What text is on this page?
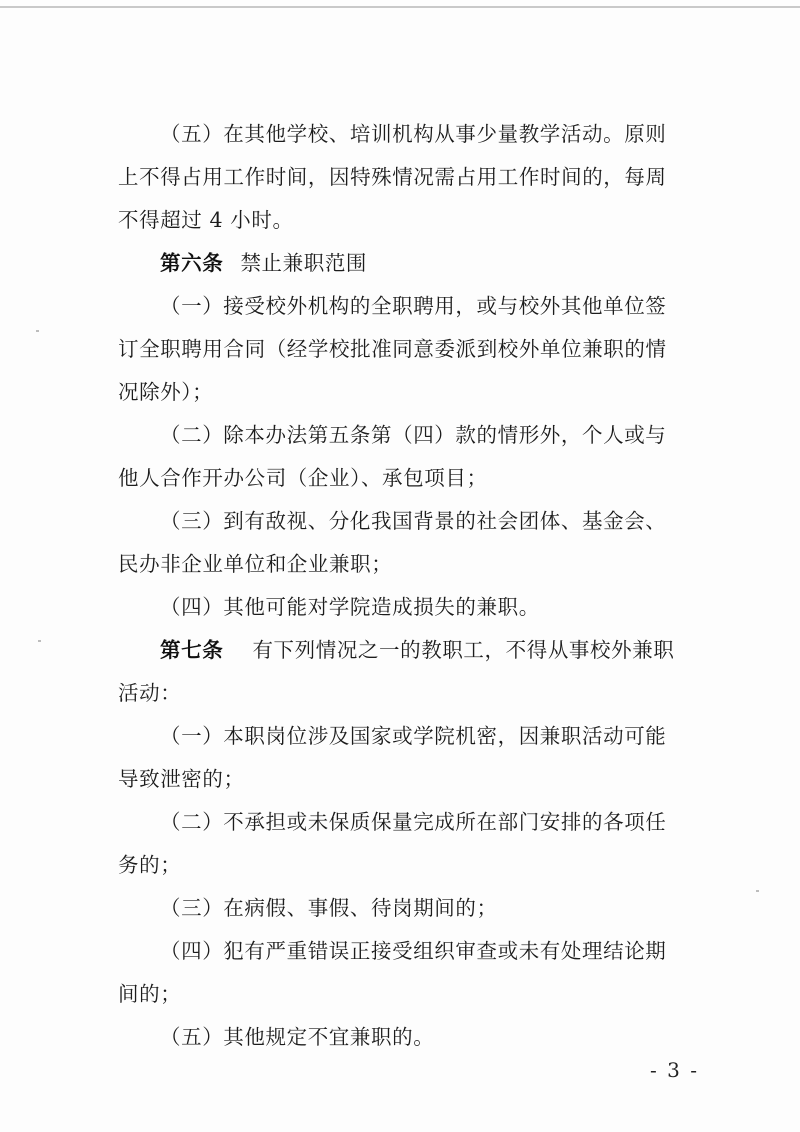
（五）在其他学校、培训机构从事少量教学活动。原则
上不得占用工作时间，因特殊情况需占用工作时间的，每周
不得超过 4 小时。
第六条 禁止兼职范围
（一）接受校外机构的全职聘用，或与校外其他单位签
订全职聘用合同（经学校批准同意委派到校外单位兼职的情
况除外）；
（二）除本办法第五条第（四）款的情形外，个人或与
他人合作开办公司（企业）、承包项目；
（三）到有敌视、分化我国背景的社会团体、基金会、
民办非企业单位和企业兼职；
（四）其他可能对学院造成损失的兼职。
第七条 有下列情况之一的教职工，不得从事校外兼职
活动：
（一）本职岗位涉及国家或学院机密，因兼职活动可能
导致泄密的；
（二）不承担或未保质保量完成所在部门安排的各项任
务的；
（三）在病假、事假、待岗期间的；
（四）犯有严重错误正接受组织审查或未有处理结论期
间的；
（五）其他规定不宜兼职的。
- 3 -
